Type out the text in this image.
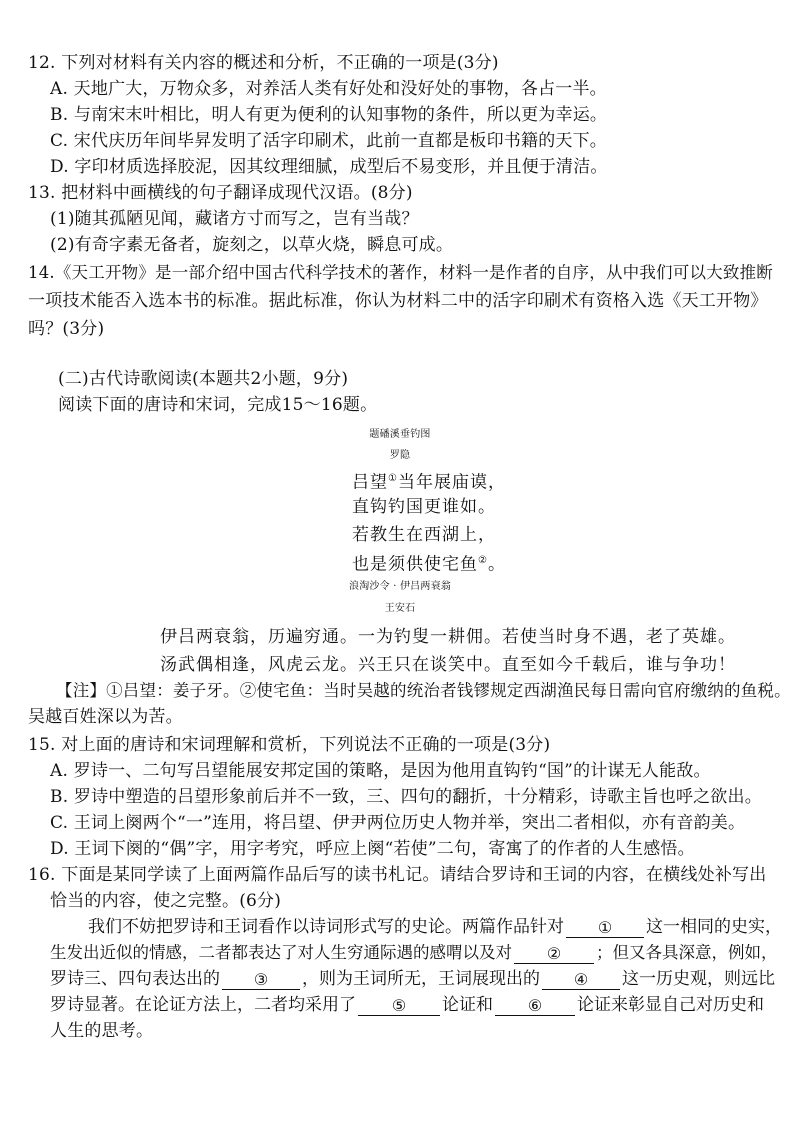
12. 下列对材料有关内容的概述和分析，不正确的一项是(3分)
A. 天地广大，万物众多，对养活人类有好处和没好处的事物，各占一半。
B. 与南宋末叶相比，明人有更为便利的认知事物的条件，所以更为幸运。
C. 宋代庆历年间毕昇发明了活字印刷术，此前一直都是板印书籍的天下。
D. 字印材质选择胶泥，因其纹理细腻，成型后不易变形，并且便于清洁。
13. 把材料中画横线的句子翻译成现代汉语。(8分)
(1)随其孤陋见闻，藏诸方寸而写之，岂有当哉？
(2)有奇字素无备者，旋刻之，以草火烧，瞬息可成。
14.《天工开物》是一部介绍中国古代科学技术的著作，材料一是作者的自序，从中我们可以大致推断
一项技术能否入选本书的标准。据此标准，你认为材料二中的活字印刷术有资格入选《天工开物》
吗？(3分)
(二)古代诗歌阅读(本题共2小题，9分)
阅读下面的唐诗和宋词，完成15～16题。
题磻溪垂钓图
罗隐
吕望①当年展庙谟，
直钩钓国更谁如。
若教生在西湖上，
也是须供使宅鱼②。
浪淘沙令 · 伊吕两衰翁
王安石
伊吕两衰翁，历遍穷通。一为钓叟一耕佣。若使当时身不遇，老了英雄。
汤武偶相逢，风虎云龙。兴王只在谈笑中。直至如今千载后，谁与争功！
【注】①吕望：姜子牙。②使宅鱼：当时吴越的统治者钱镠规定西湖渔民每日需向官府缴纳的鱼税。
吴越百姓深以为苦。
15. 对上面的唐诗和宋词理解和赏析，下列说法不正确的一项是(3分)
A. 罗诗一、二句写吕望能展安邦定国的策略，是因为他用直钩钓“国”的计谋无人能敌。
B. 罗诗中塑造的吕望形象前后并不一致，三、四句的翻折，十分精彩，诗歌主旨也呼之欲出。
C. 王词上阕两个“一”连用，将吕望、伊尹两位历史人物并举，突出二者相似，亦有音韵美。
D. 王词下阕的“偶”字，用字考究，呼应上阕“若使”二句，寄寓了的作者的人生感悟。
16. 下面是某同学读了上面两篇作品后写的读书札记。请结合罗诗和王词的内容，在横线处补写出
恰当的内容，使之完整。(6分)
我们不妨把罗诗和王词看作以诗词形式写的史论。两篇作品针对 ① 这一相同的史实，
生发出近似的情感，二者都表达了对人生穷通际遇的感喟以及对 ② ；但又各具深意，例如，
罗诗三、四句表达出的 ③ ，则为王词所无，王词展现出的 ④ 这一历史观，则远比
罗诗显著。在论证方法上，二者均采用了 ⑤ 论证和 ⑥ 论证来彰显自己对历史和
人生的思考。
